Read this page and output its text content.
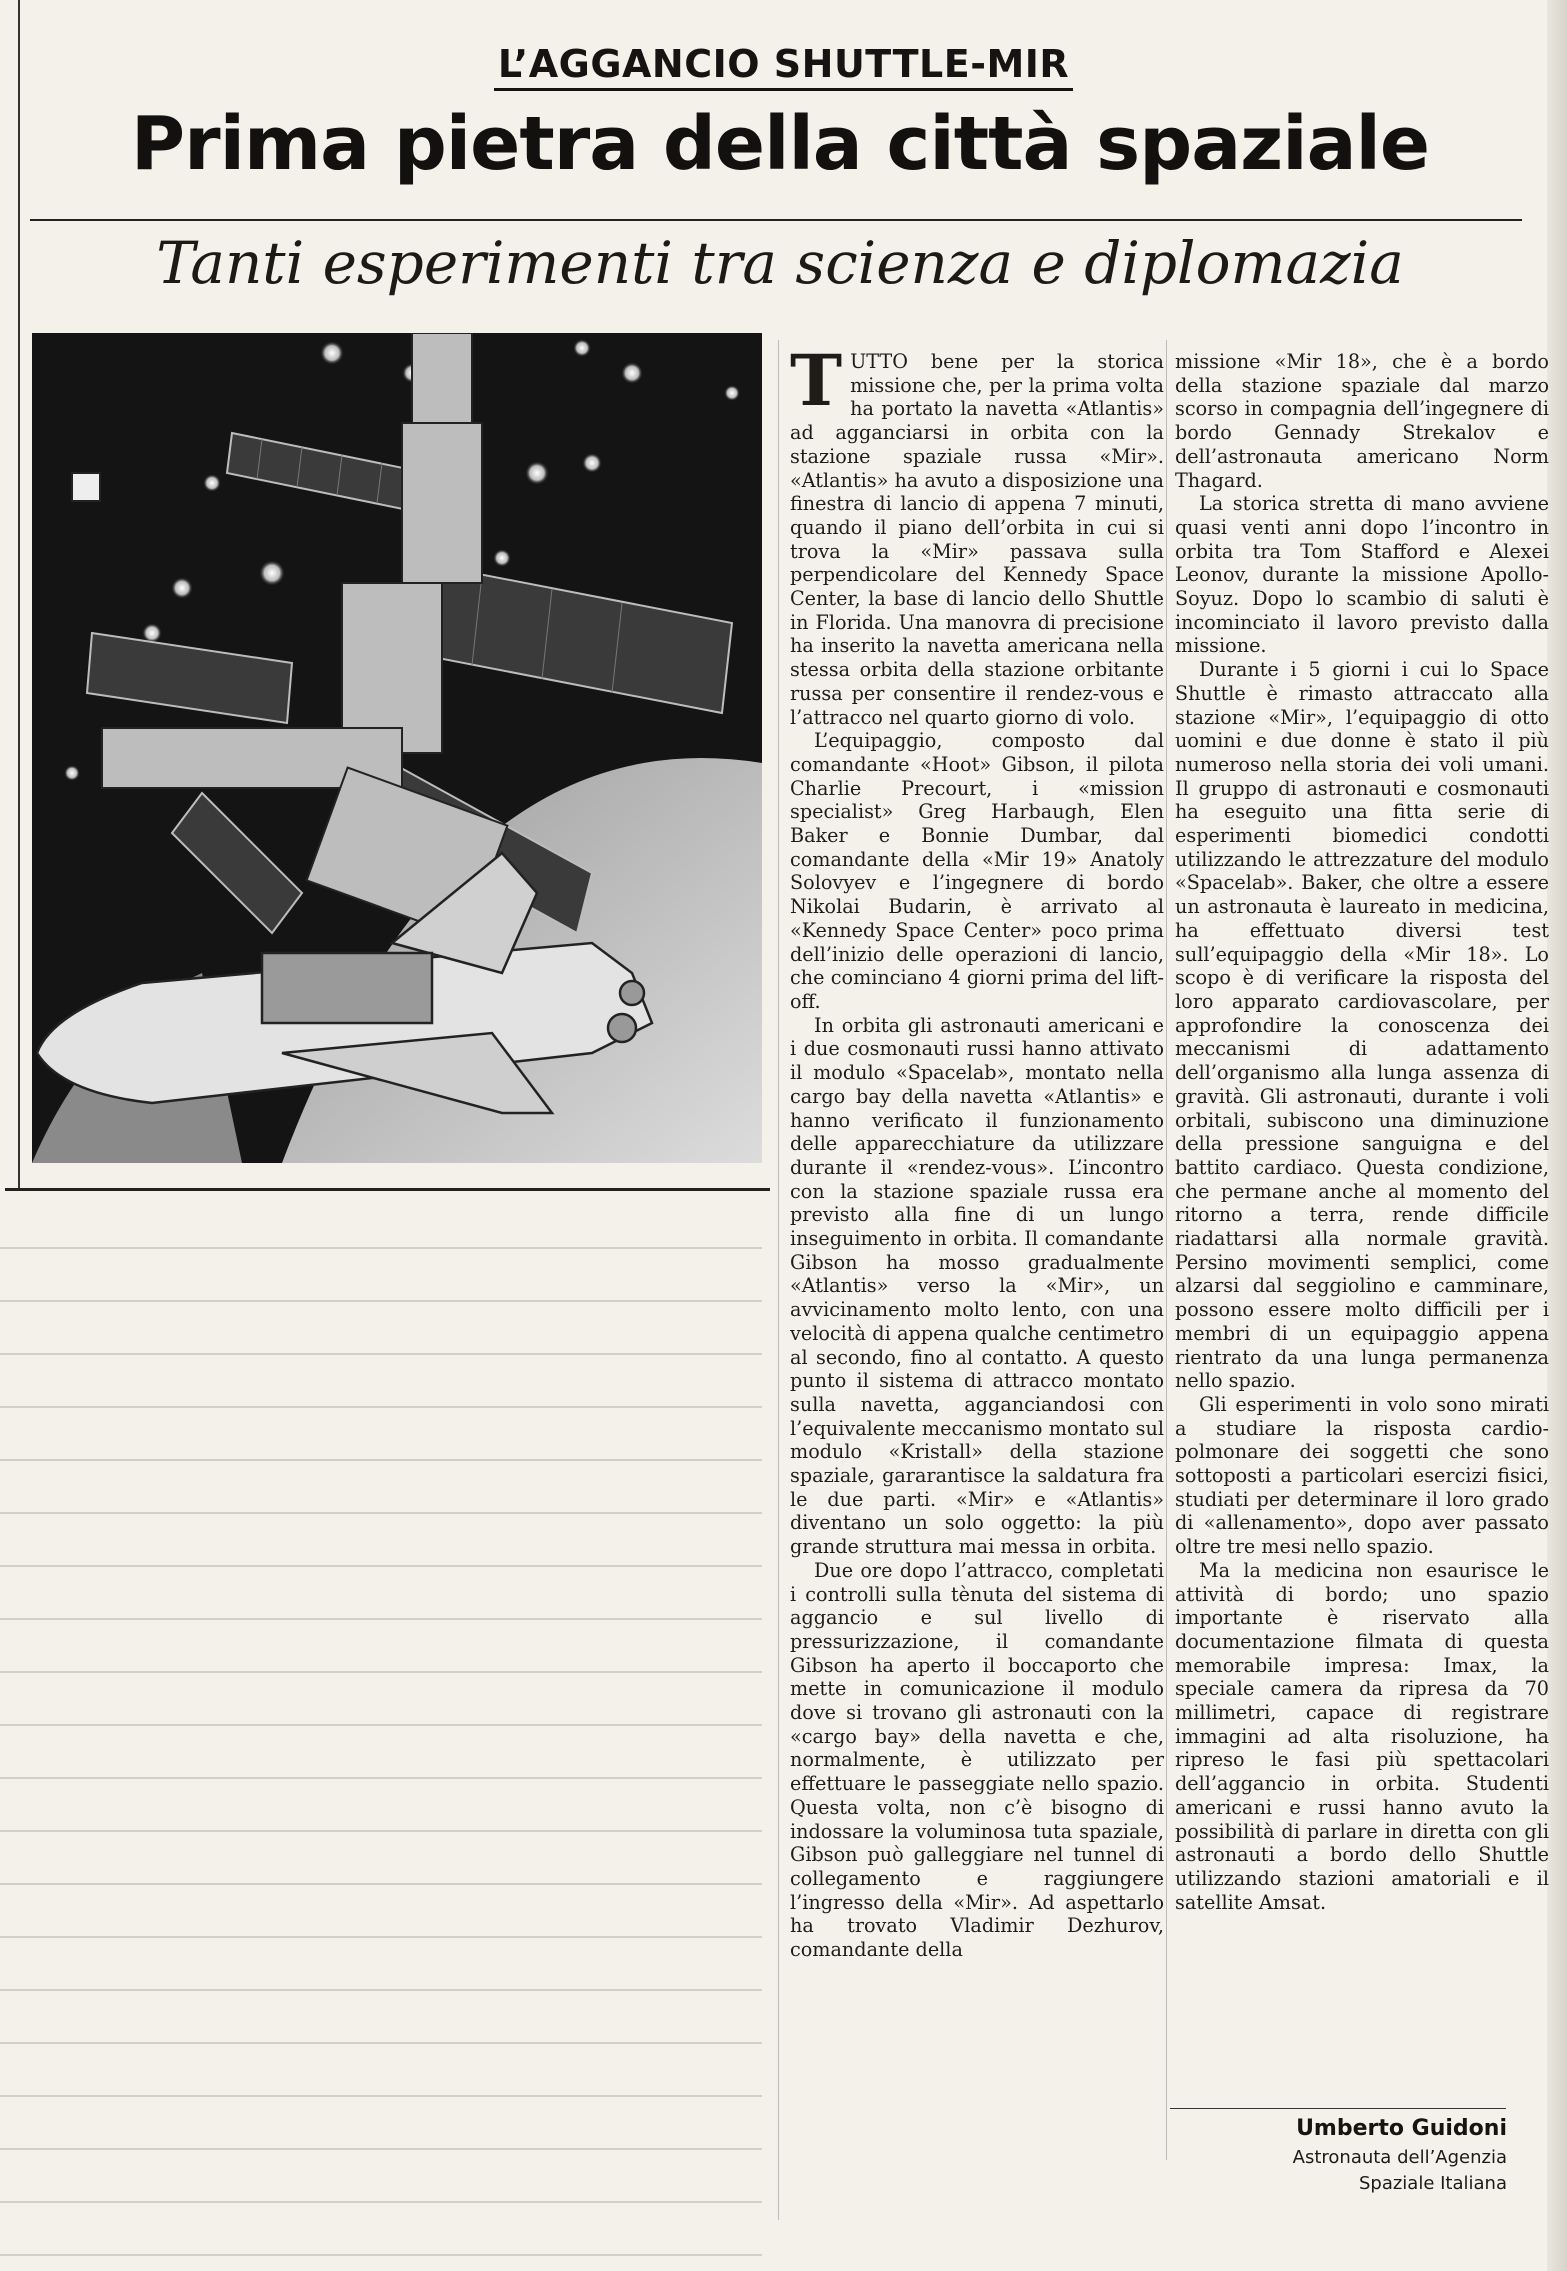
L’AGGANCIO SHUTTLE-MIR
Prima pietra della città spaziale
Tanti esperimenti tra scienza e diplomazia

TUTTO bene per la storica missione che, per la prima volta ha portato la navetta «Atlantis» ad agganciarsi in orbita con la stazione spaziale russa «Mir». «Atlantis» ha avuto a disposizione una finestra di lancio di appena 7 minuti, quando il piano dell’orbita in cui si trova la «Mir» passava sulla perpendicolare del Kennedy Space Center, la base di lancio dello Shuttle in Florida. Una manovra di precisione ha inserito la navetta americana nella stessa orbita della stazione orbitante russa per consentire il rendez-vous e l’attracco nel quarto giorno di volo.

L’equipaggio, composto dal comandante «Hoot» Gibson, il pilota Charlie Precourt, i «mission specialist» Greg Harbaugh, Elen Baker e Bonnie Dumbar, dal comandante della «Mir 19» Anatoly Solovyev e l’ingegnere di bordo Nikolai Budarin, è arrivato al «Kennedy Space Center» poco prima dell’inizio delle operazioni di lancio, che cominciano 4 giorni prima del lift-off.

In orbita gli astronauti americani e i due cosmonauti russi hanno attivato il modulo «Spacelab», montato nella cargo bay della navetta «Atlantis» e hanno verificato il funzionamento delle apparecchiature da utilizzare durante il «rendez-vous». L’incontro con la stazione spaziale russa era previsto alla fine di un lungo inseguimento in orbita. Il comandante Gibson ha mosso gradualmente «Atlantis» verso la «Mir», un avvicinamento molto lento, con una velocità di appena qualche centimetro al secondo, fino al contatto. A questo punto il sistema di attracco montato sulla navetta, agganciandosi con l’equivalente meccanismo montato sul modulo «Kristall» della stazione spaziale, gararantisce la saldatura fra le due parti. «Mir» e «Atlantis» diventano un solo oggetto: la più grande struttura mai messa in orbita.

Due ore dopo l’attracco, completati i controlli sulla tènuta del sistema di aggancio e sul livello di pressurizzazione, il comandante Gibson ha aperto il boccaporto che mette in comunicazione il modulo dove si trovano gli astronauti con la «cargo bay» della navetta e che, normalmente, è utilizzato per effettuare le passeggiate nello spazio. Questa volta, non c’è bisogno di indossare la voluminosa tuta spaziale, Gibson può galleggiare nel tunnel di collegamento e raggiungere l’ingresso della «Mir». Ad aspettarlo ha trovato Vladimir Dezhurov, comandante della

missione «Mir 18», che è a bordo della stazione spaziale dal marzo scorso in compagnia dell’ingegnere di bordo Gennady Strekalov e dell’astronauta americano Norm Thagard.

La storica stretta di mano avviene quasi venti anni dopo l’incontro in orbita tra Tom Stafford e Alexei Leonov, durante la missione Apollo-Soyuz. Dopo lo scambio di saluti è incominciato il lavoro previsto dalla missione.

Durante i 5 giorni i cui lo Space Shuttle è rimasto attraccato alla stazione «Mir», l’equipaggio di otto uomini e due donne è stato il più numeroso nella storia dei voli umani. Il gruppo di astronauti e cosmonauti ha eseguito una fitta serie di esperimenti biomedici condotti utilizzando le attrezzature del modulo «Spacelab». Baker, che oltre a essere un astronauta è laureato in medicina, ha effettuato diversi test sull’equipaggio della «Mir 18». Lo scopo è di verificare la risposta del loro apparato cardiovascolare, per approfondire la conoscenza dei meccanismi di adattamento dell’organismo alla lunga assenza di gravità. Gli astronauti, durante i voli orbitali, subiscono una diminuzione della pressione sanguigna e del battito cardiaco. Questa condizione, che permane anche al momento del ritorno a terra, rende difficile riadattarsi alla normale gravità. Persino movimenti semplici, come alzarsi dal seggiolino e camminare, possono essere molto difficili per i membri di un equipaggio appena rientrato da una lunga permanenza nello spazio.

Gli esperimenti in volo sono mirati a studiare la risposta cardio-polmonare dei soggetti che sono sottoposti a particolari esercizi fisici, studiati per determinare il loro grado di «allenamento», dopo aver passato oltre tre mesi nello spazio.

Ma la medicina non esaurisce le attività di bordo; uno spazio importante è riservato alla documentazione filmata di questa memorabile impresa: Imax, la speciale camera da ripresa da 70 millimetri, capace di registrare immagini ad alta risoluzione, ha ripreso le fasi più spettacolari dell’aggancio in orbita. Studenti americani e russi hanno avuto la possibilità di parlare in diretta con gli astronauti a bordo dello Shuttle utilizzando stazioni amatoriali e il satellite Amsat.

Umberto Guidoni
Astronauta dell’Agenzia
Spaziale Italiana
